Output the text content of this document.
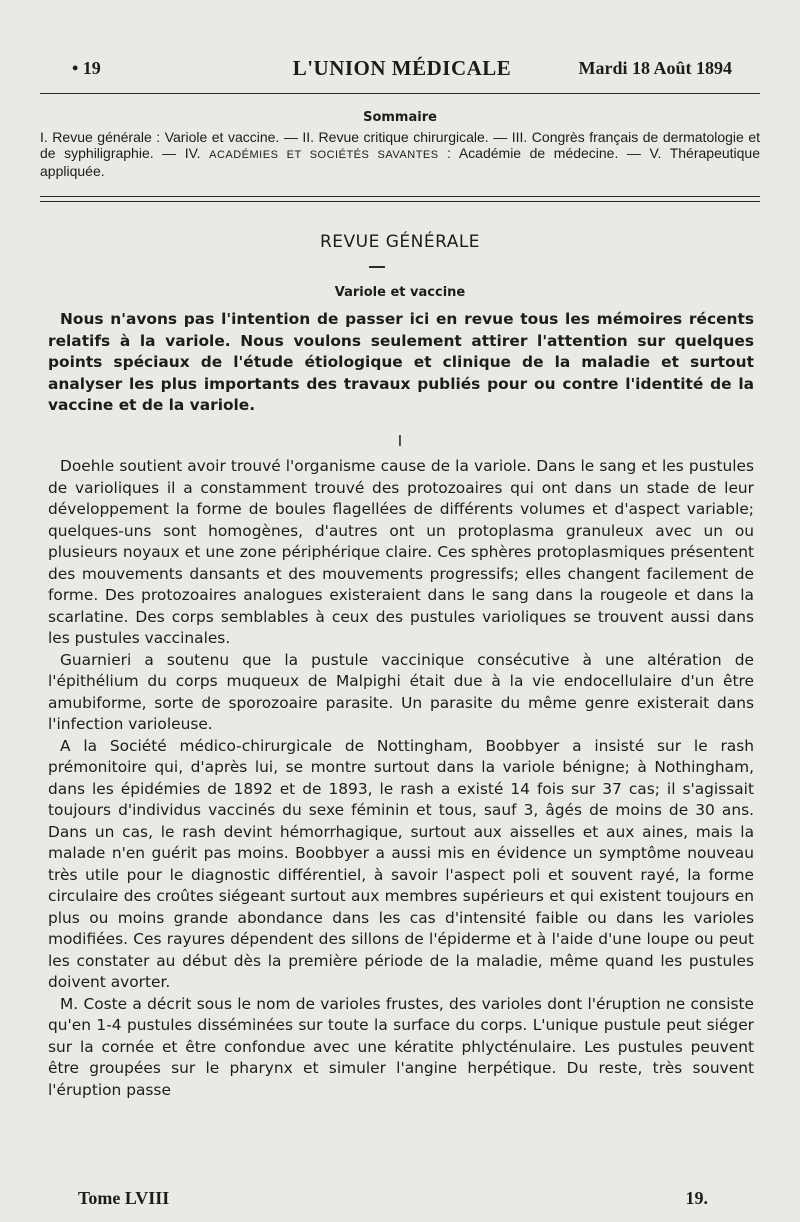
• 19	L'UNION MÉDICALE	Mardi 18 Août 1894
Sommaire

I. Revue générale : Variole et vaccine. — II. Revue critique chirurgicale. — III. Congrès français de dermatologie et de syphiligraphie. — IV. ACADÉMIES ET SOCIÉTÉS SAVANTES : Académie de médecine. — V. Thérapeutique appliquée.

REVUE GÉNÉRALE
Variole et vaccine

Nous n'avons pas l'intention de passer ici en revue tous les mémoires récents relatifs à la variole. Nous voulons seulement attirer l'attention sur quelques points spéciaux de l'étude étiologique et clinique de la maladie et surtout analyser les plus importants des travaux publiés pour ou contre l'identité de la vaccine et de la variole.

I

Doehle soutient avoir trouvé l'organisme cause de la variole. Dans le sang et les pustules de varioliques il a constamment trouvé des protozoaires qui ont dans un stade de leur développement la forme de boules flagellées de différents volumes et d'aspect variable; quelques-uns sont homogènes, d'autres ont un protoplasma granuleux avec un ou plusieurs noyaux et une zone périphérique claire. Ces sphères protoplasmiques présentent des mouvements dansants et des mouvements progressifs; elles changent facilement de forme. Des protozoaires analogues existeraient dans le sang dans la rougeole et dans la scarlatine. Des corps semblables à ceux des pustules varioliques se trouvent aussi dans les pustules vaccinales.

Guarnieri a soutenu que la pustule vaccinique consécutive à une altération de l'épithélium du corps muqueux de Malpighi était due à la vie endocellulaire d'un être amubiforme, sorte de sporozoaire parasite. Un parasite du même genre existerait dans l'infection varioleuse.

A la Société médico-chirurgicale de Nottingham, Boobbyer a insisté sur le rash prémonitoire qui, d'après lui, se montre surtout dans la variole bénigne; à Nothingham, dans les épidémies de 1892 et de 1893, le rash a existé 14 fois sur 37 cas; il s'agissait toujours d'individus vaccinés du sexe féminin et tous, sauf 3, âgés de moins de 30 ans. Dans un cas, le rash devint hémorrhagique, surtout aux aisselles et aux aines, mais la malade n'en guérit pas moins. Boobbyer a aussi mis en évidence un symptôme nouveau très utile pour le diagnostic différentiel, à savoir l'aspect poli et souvent rayé, la forme circulaire des croûtes siégeant surtout aux membres supérieurs et qui existent toujours en plus ou moins grande abondance dans les cas d'intensité faible ou dans les varioles modifiées. Ces rayures dépendent des sillons de l'épiderme et à l'aide d'une loupe ou peut les constater au début dès la première période de la maladie, même quand les pustules doivent avorter.

M. Coste a décrit sous le nom de varioles frustes, des varioles dont l'éruption ne consiste qu'en 1-4 pustules disséminées sur toute la surface du corps. L'unique pustule peut siéger sur la cornée et être confondue avec une kératite phlycténulaire. Les pustules peuvent être groupées sur le pharynx et simuler l'angine herpétique. Du reste, très souvent l'éruption passe

Tome LVIII	19.
